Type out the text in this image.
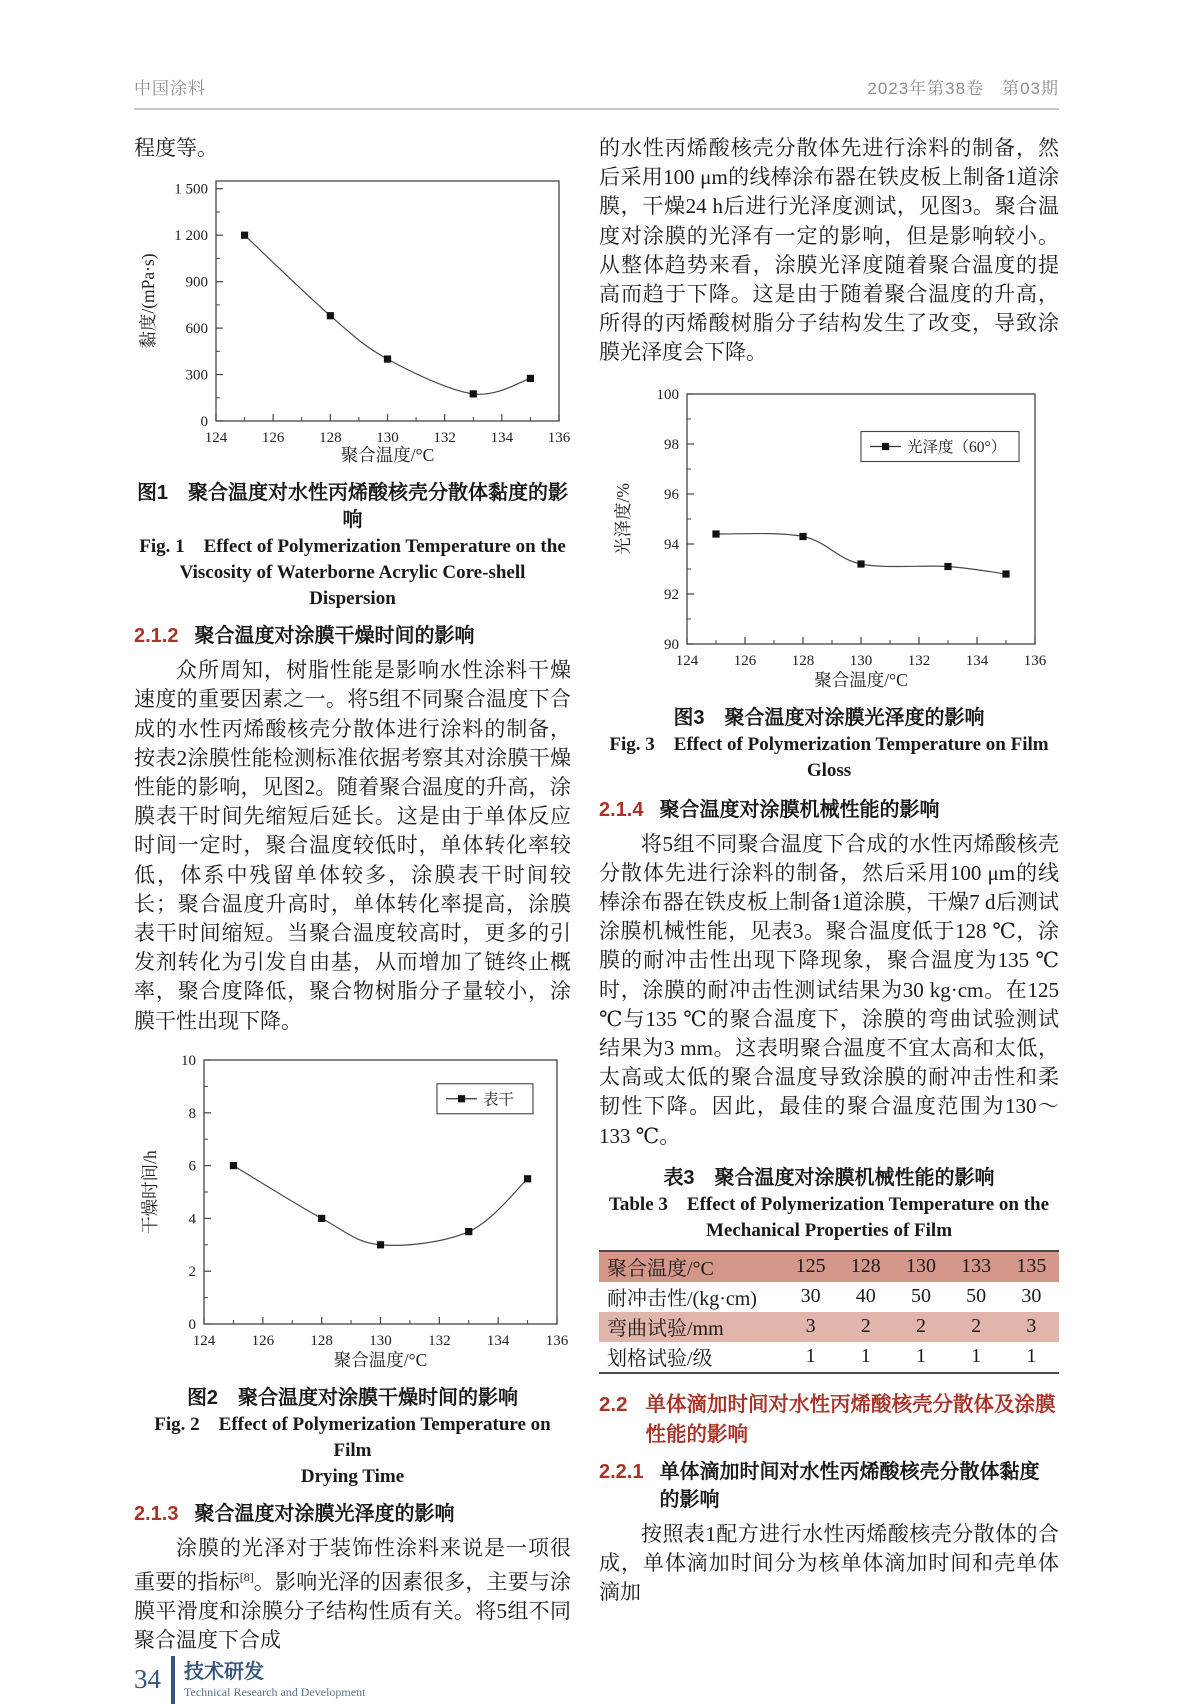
中国涂料	2023年第38卷　第03期

程度等。

124 126 128 130 132 134 136
0
300
600
900
1 200
1 500
聚合温度/°C
黏度/(mPa·s)
图1　聚合温度对水性丙烯酸核壳分散体黏度的影响
Fig. 1　Effect of Polymerization Temperature on the
Viscosity of Waterborne Acrylic Core-shell Dispersion
2.1.2 聚合温度对涂膜干燥时间的影响

众所周知，树脂性能是影响水性涂料干燥速度的重要因素之一。将5组不同聚合温度下合成的水性丙烯酸核壳分散体进行涂料的制备，按表2涂膜性能检测标准依据考察其对涂膜干燥性能的影响，见图2。随着聚合温度的升高，涂膜表干时间先缩短后延长。这是由于单体反应时间一定时，聚合温度较低时，单体转化率较低，体系中残留单体较多，涂膜表干时间较长；聚合温度升高时，单体转化率提高，涂膜表干时间缩短。当聚合温度较高时，更多的引发剂转化为引发自由基，从而增加了链终止概率，聚合度降低，聚合物树脂分子量较小，涂膜干性出现下降。

124 126 128 130 132 134 136
0
2
4
6
8
10
表干
聚合温度/°C
干燥时间/h
图2　聚合温度对涂膜干燥时间的影响
Fig. 2　Effect of Polymerization Temperature on Film
Drying Time
2.1.3 聚合温度对涂膜光泽度的影响

涂膜的光泽对于装饰性涂料来说是一项很重要的指标[8]。影响光泽的因素很多，主要与涂膜平滑度和涂膜分子结构性质有关。将5组不同聚合温度下合成

的水性丙烯酸核壳分散体先进行涂料的制备，然后采用100 μm的线棒涂布器在铁皮板上制备1道涂膜，干燥24 h后进行光泽度测试，见图3。聚合温度对涂膜的光泽有一定的影响，但是影响较小。从整体趋势来看，涂膜光泽度随着聚合温度的提高而趋于下降。这是由于随着聚合温度的升高，所得的丙烯酸树脂分子结构发生了改变，导致涂膜光泽度会下降。

124 126 128 130 132 134 136
90
92
94
96
98
100
光泽度（60°）
聚合温度/°C
光泽度/%
图3　聚合温度对涂膜光泽度的影响
Fig. 3　Effect of Polymerization Temperature on Film
Gloss
2.1.4 聚合温度对涂膜机械性能的影响

将5组不同聚合温度下合成的水性丙烯酸核壳分散体先进行涂料的制备，然后采用100 μm的线棒涂布器在铁皮板上制备1道涂膜，干燥7 d后测试涂膜机械性能，见表3。聚合温度低于128 ℃，涂膜的耐冲击性出现下降现象，聚合温度为135 ℃时，涂膜的耐冲击性测试结果为30 kg·cm。在125 ℃与135 ℃的聚合温度下，涂膜的弯曲试验测试结果为3 mm。这表明聚合温度不宜太高和太低，太高或太低的聚合温度导致涂膜的耐冲击性和柔韧性下降。因此，最佳的聚合温度范围为130～133 ℃。

表3　聚合温度对涂膜机械性能的影响
Table 3　Effect of Polymerization Temperature on the
Mechanical Properties of Film
聚合温度/°C	125	128	130	133	135
耐冲击性/(kg·cm)	30	40	50	50	30
弯曲试验/mm	3	2	2	2	3
划格试验/级	1	1	1	1	1
2.2 单体滴加时间对水性丙烯酸核壳分散体及涂膜性能的影响
2.2.1 单体滴加时间对水性丙烯酸核壳分散体黏度的影响

按照表1配方进行水性丙烯酸核壳分散体的合成，单体滴加时间分为核单体滴加时间和壳单体滴加

34 技术研发
Technical Research and Development
